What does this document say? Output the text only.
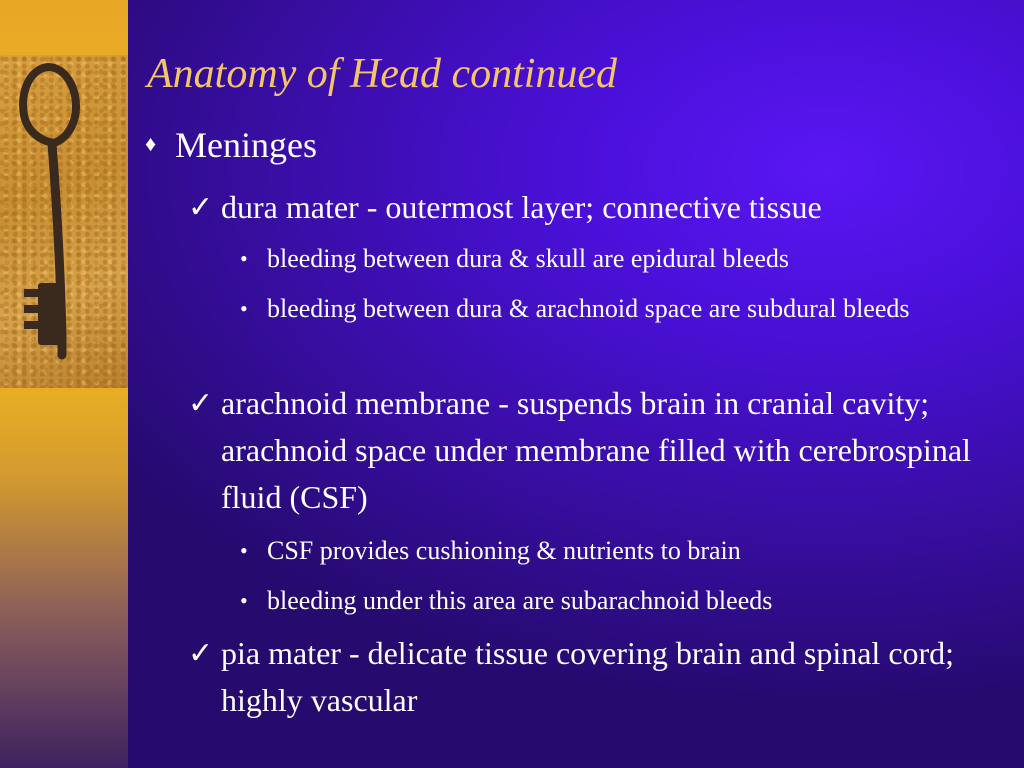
Anatomy of Head continued
♦ Meninges
✓ dura mater - outermost layer; connective tissue
• bleeding between dura & skull are epidural bleeds
• bleeding between dura & arachnoid space are subdural bleeds
✓ arachnoid membrane - suspends brain in cranial cavity; arachnoid space under membrane filled with cerebrospinal fluid (CSF)
• CSF provides cushioning & nutrients to brain
• bleeding under this area are subarachnoid bleeds
✓ pia mater - delicate tissue covering brain and spinal cord; highly vascular
